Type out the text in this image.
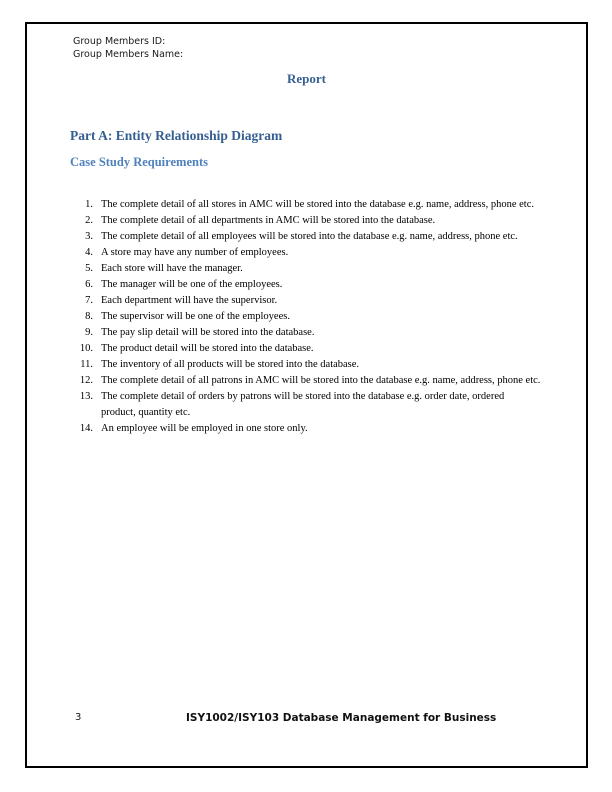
Group Members ID:
Group Members Name:
Report
Part A: Entity Relationship Diagram
Case Study Requirements
1. The complete detail of all stores in AMC will be stored into the database e.g. name, address, phone etc.
2. The complete detail of all departments in AMC will be stored into the database.
3. The complete detail of all employees will be stored into the database e.g. name, address, phone etc.
4. A store may have any number of employees.
5. Each store will have the manager.
6. The manager will be one of the employees.
7. Each department will have the supervisor.
8. The supervisor will be one of the employees.
9. The pay slip detail will be stored into the database.
10. The product detail will be stored into the database.
11. The inventory of all products will be stored into the database.
12. The complete detail of all patrons in AMC will be stored into the database e.g. name, address, phone etc.
13. The complete detail of orders by patrons will be stored into the database e.g. order date, ordered product, quantity etc.
14. An employee will be employed in one store only.
3	ISY1002/ISY103 Database Management for Business
